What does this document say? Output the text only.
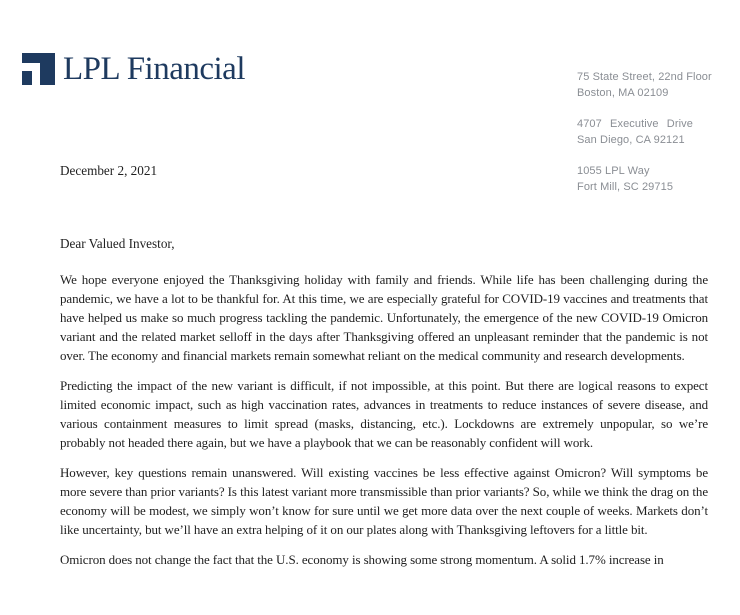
LPL Financial	75 State Street, 22nd Floor
Boston, MA 02109
4707 Executive Drive
San Diego, CA 92121
1055 LPL Way
Fort Mill, SC 29715
December 2, 2021
Dear Valued Investor,

We hope everyone enjoyed the Thanksgiving holiday with family and friends. While life has been challenging during the pandemic, we have a lot to be thankful for. At this time, we are especially grateful for COVID-19 vaccines and treatments that have helped us make so much progress tackling the pandemic. Unfortunately, the emergence of the new COVID-19 Omicron variant and the related market selloff in the days after Thanksgiving offered an unpleasant reminder that the pandemic is not over. The economy and financial markets remain somewhat reliant on the medical community and research developments.

Predicting the impact of the new variant is difficult, if not impossible, at this point. But there are logical reasons to expect limited economic impact, such as high vaccination rates, advances in treatments to reduce instances of severe disease, and various containment measures to limit spread (masks, distancing, etc.). Lockdowns are extremely unpopular, so we’re probably not headed there again, but we have a playbook that we can be reasonably confident will work.

However, key questions remain unanswered. Will existing vaccines be less effective against Omicron? Will symptoms be more severe than prior variants? Is this latest variant more transmissible than prior variants? So, while we think the drag on the economy will be modest, we simply won’t know for sure until we get more data over the next couple of weeks. Markets don’t like uncertainty, but we’ll have an extra helping of it on our plates along with Thanksgiving leftovers for a little bit.

Omicron does not change the fact that the U.S. economy is showing some strong momentum. A solid 1.7% increase in
